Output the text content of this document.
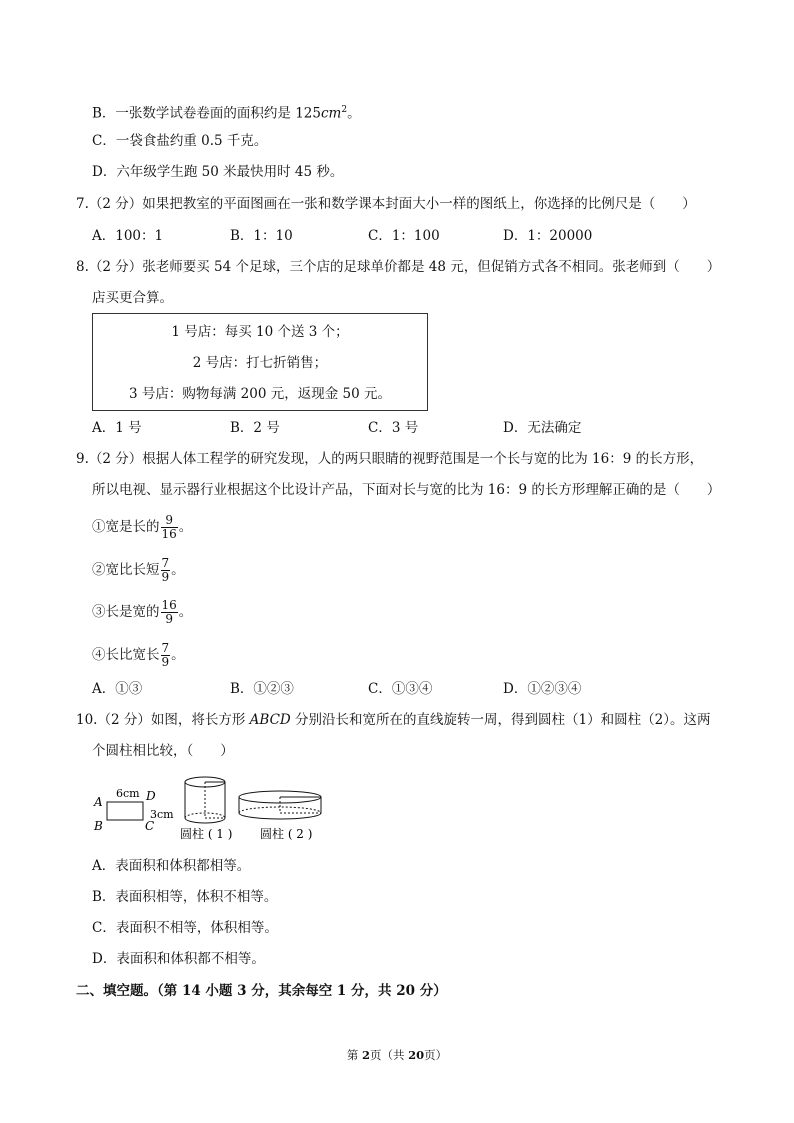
B．一张数学试卷卷面的面积约是 $125cm^2$。
C．一袋食盐约重 0.5 千克。
D．六年级学生跑 50 米最快用时 45 秒。
7.（2 分）如果把教室的平面图画在一张和数学课本封面大小一样的图纸上，你选择的比例尺是（　　）
A．100：1	B．1：10	C．1：100	D．1：20000
8.（2 分）张老师要买 54 个足球，三个店的足球单价都是 48 元，但促销方式各不相同。张老师到（　　）
店买更合算。
1 号店：每买 10 个送 3 个；
2 号店：打七折销售；
3 号店：购物每满 200 元，返现金 50 元。
A．1 号	B．2 号	C．3 号	D．无法确定
9.（2 分）根据人体工程学的研究发现，人的两只眼睛的视野范围是一个长与宽的比为 16：9 的长方形，
所以电视、显示器行业根据这个比设计产品，下面对长与宽的比为 16：9 的长方形理解正确的是（　　）
①宽是长的 $\frac{9}{16}$ 。
②宽比长短 $\frac{7}{9}$ 。
③长是宽的 $\frac{16}{9}$ 。
④长比宽长 $\frac{7}{9}$ 。
A．①③	B．①②③	C．①③④	D．①②③④
10.（2 分）如图，将长方形 ABCD 分别沿长和宽所在的直线旋转一周，得到圆柱（1）和圆柱（2）。这两
个圆柱相比较，（　　）
A
B	C
D
6cm
3cm
圆柱 ( 1 ) 圆柱 ( 2 )
A．表面积和体积都相等。
B．表面积相等，体积不相等。
C．表面积不相等，体积相等。
D．表面积和体积都不相等。
二、填空题。（第 14 小题 3 分，其余每空 1 分，共 20 分）
第 2页（共 20页）
